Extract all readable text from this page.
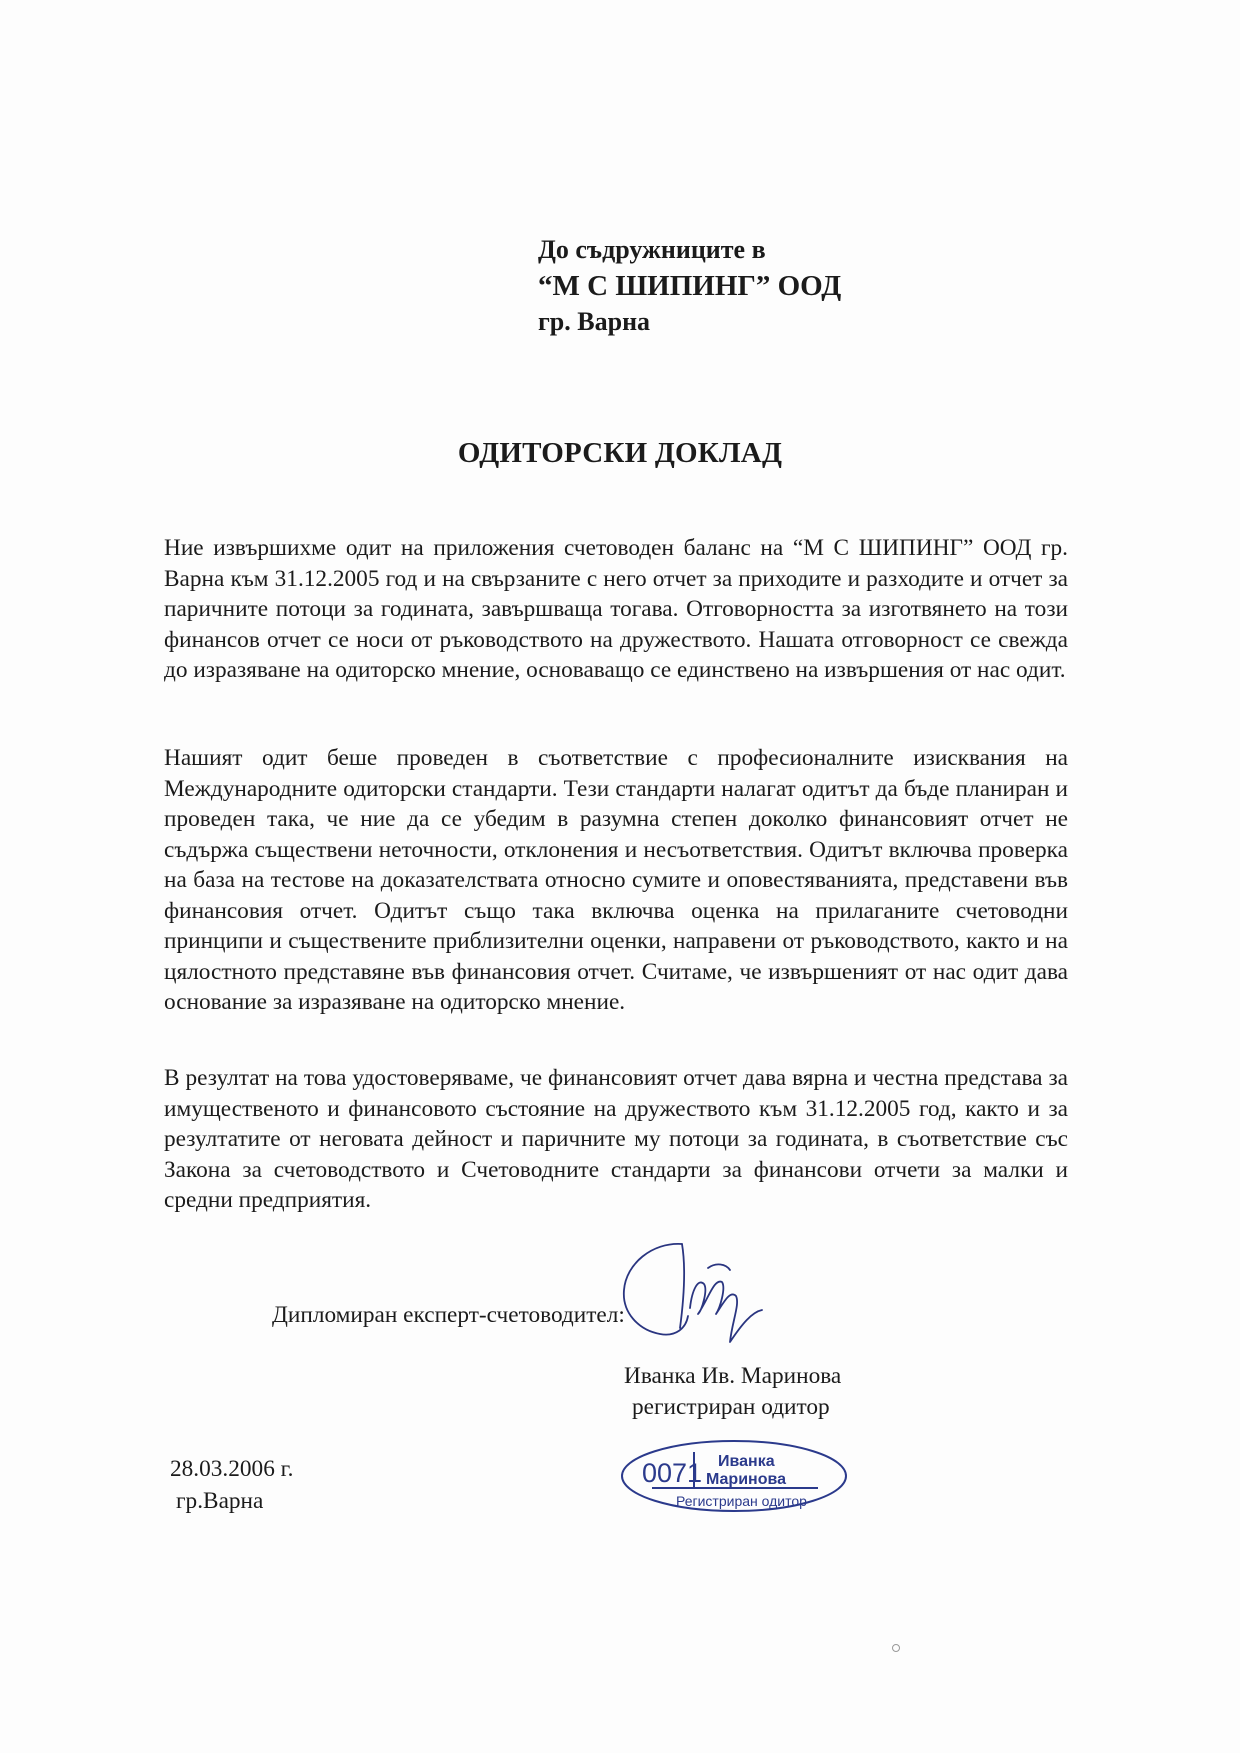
До съдружниците в
“М С ШИПИНГ” ООД
гр. Варна
ОДИТОРСКИ ДОКЛАД

Ние извършихме одит на приложения счетоводен баланс на “М С ШИПИНГ” ООД гр. Варна към 31.12.2005 год и на свързаните с него отчет за приходите и разходите и отчет за паричните потоци за годината, завършваща тогава. Отговорността за изготвянето на този финансов отчет се носи от ръководството на дружеството. Нашата отговорност се свежда до изразяване на одиторско мнение, основаващо се единствено на извършения от нас одит.

Нашият одит беше проведен в съответствие с професионалните изисквания на Международните одиторски стандарти. Тези стандарти налагат одитът да бъде планиран и проведен така, че ние да се убедим в разумна степен доколко финансовият отчет не съдържа съществени неточности, отклонения и несъответствия. Одитът включва проверка на база на тестове на доказателствата относно сумите и оповестяванията, представени във финансовия отчет. Одитът също така включва оценка на прилаганите счетоводни принципи и съществените приблизителни оценки, направени от ръководството, както и на цялостното представяне във финансовия отчет. Считаме, че извършеният от нас одит дава основание за изразяване на одиторско мнение.

В резултат на това удостоверяваме, че финансовият отчет дава вярна и честна представа за имущественото и финансовото състояние на дружеството към 31.12.2005 год, както и за резултатите от неговата дейност и паричните му потоци за годината, в съответствие със Закона за счетоводството и Счетоводните стандарти за финансови отчети за малки и средни предприятия.

Дипломиран експерт-счетоводител:
Иванка Ив. Маринова
регистриран одитор
28.03.2006 г.
гр.Варна
0071 Иванка
Маринова
Регистриран одитор
